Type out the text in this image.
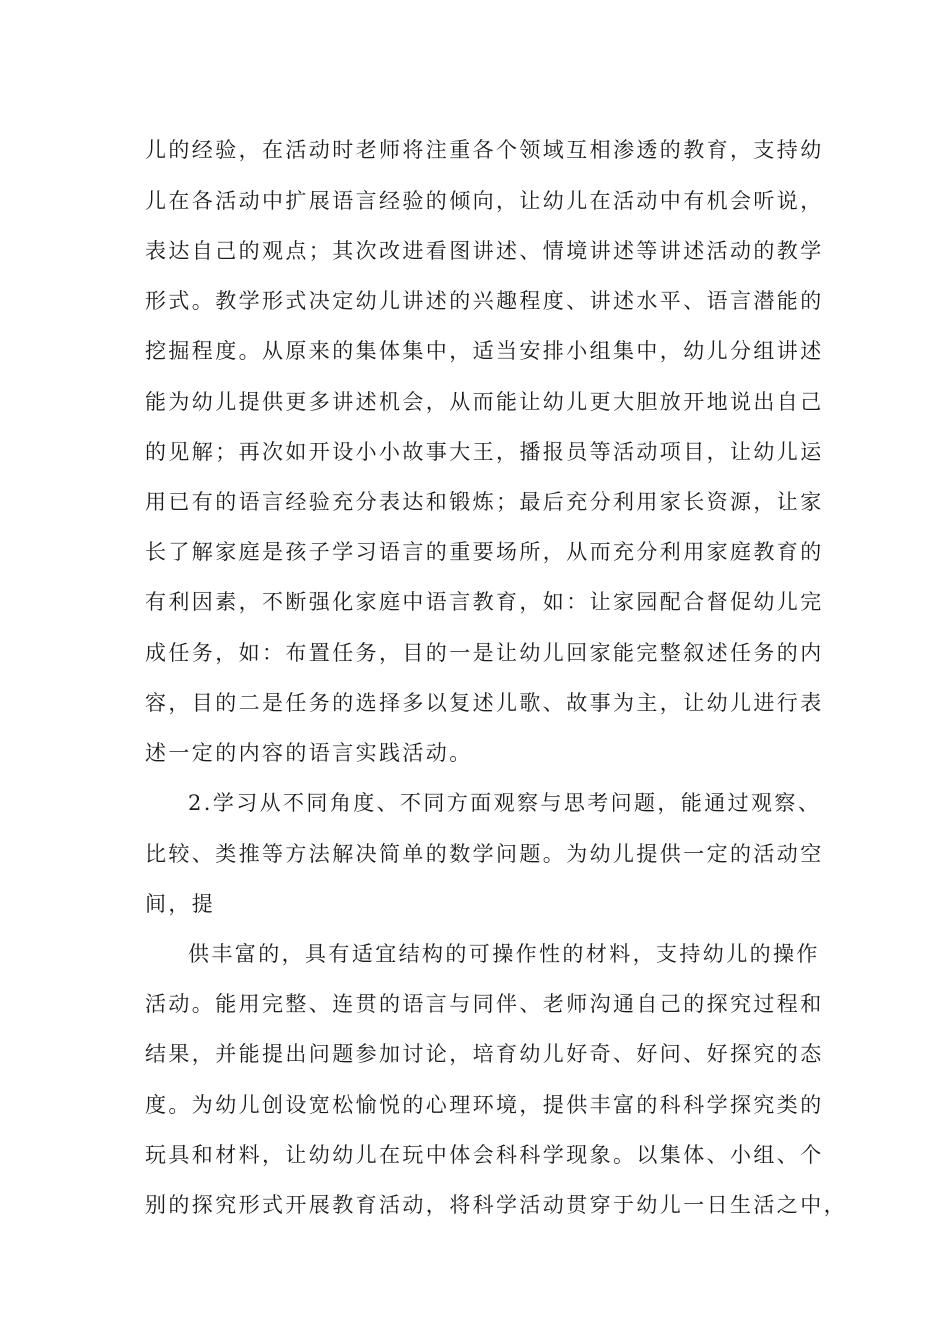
儿的经验，在活动时老师将注重各个领域互相渗透的教育，支持幼
儿在各活动中扩展语言经验的倾向，让幼儿在活动中有机会听说，
表达自己的观点；其次改进看图讲述、情境讲述等讲述活动的教学
形式。教学形式决定幼儿讲述的兴趣程度、讲述水平、语言潜能的
挖掘程度。从原来的集体集中，适当安排小组集中，幼儿分组讲述
能为幼儿提供更多讲述机会，从而能让幼儿更大胆放开地说出自己
的见解；再次如开设小小故事大王，播报员等活动项目，让幼儿运
用已有的语言经验充分表达和锻炼；最后充分利用家长资源，让家
长了解家庭是孩子学习语言的重要场所，从而充分利用家庭教育的
有利因素，不断强化家庭中语言教育，如：让家园配合督促幼儿完
成任务，如：布置任务，目的一是让幼儿回家能完整叙述任务的内
容，目的二是任务的选择多以复述儿歌、故事为主，让幼儿进行表
述一定的内容的语言实践活动。
2.学习从不同角度、不同方面观察与思考问题，能通过观察、
比较、类推等方法解决简单的数学问题。为幼儿提供一定的活动空
间，提
供丰富的，具有适宜结构的可操作性的材料，支持幼儿的操作
活动。能用完整、连贯的语言与同伴、老师沟通自己的探究过程和
结果，并能提出问题参加讨论，培育幼儿好奇、好问、好探究的态
度。为幼儿创设宽松愉悦的心理环境，提供丰富的科科学探究类的
玩具和材料，让幼幼儿在玩中体会科科学现象。以集体、小组、个
别的探究形式开展教育活动，将科学活动贯穿于幼儿一日生活之中，
